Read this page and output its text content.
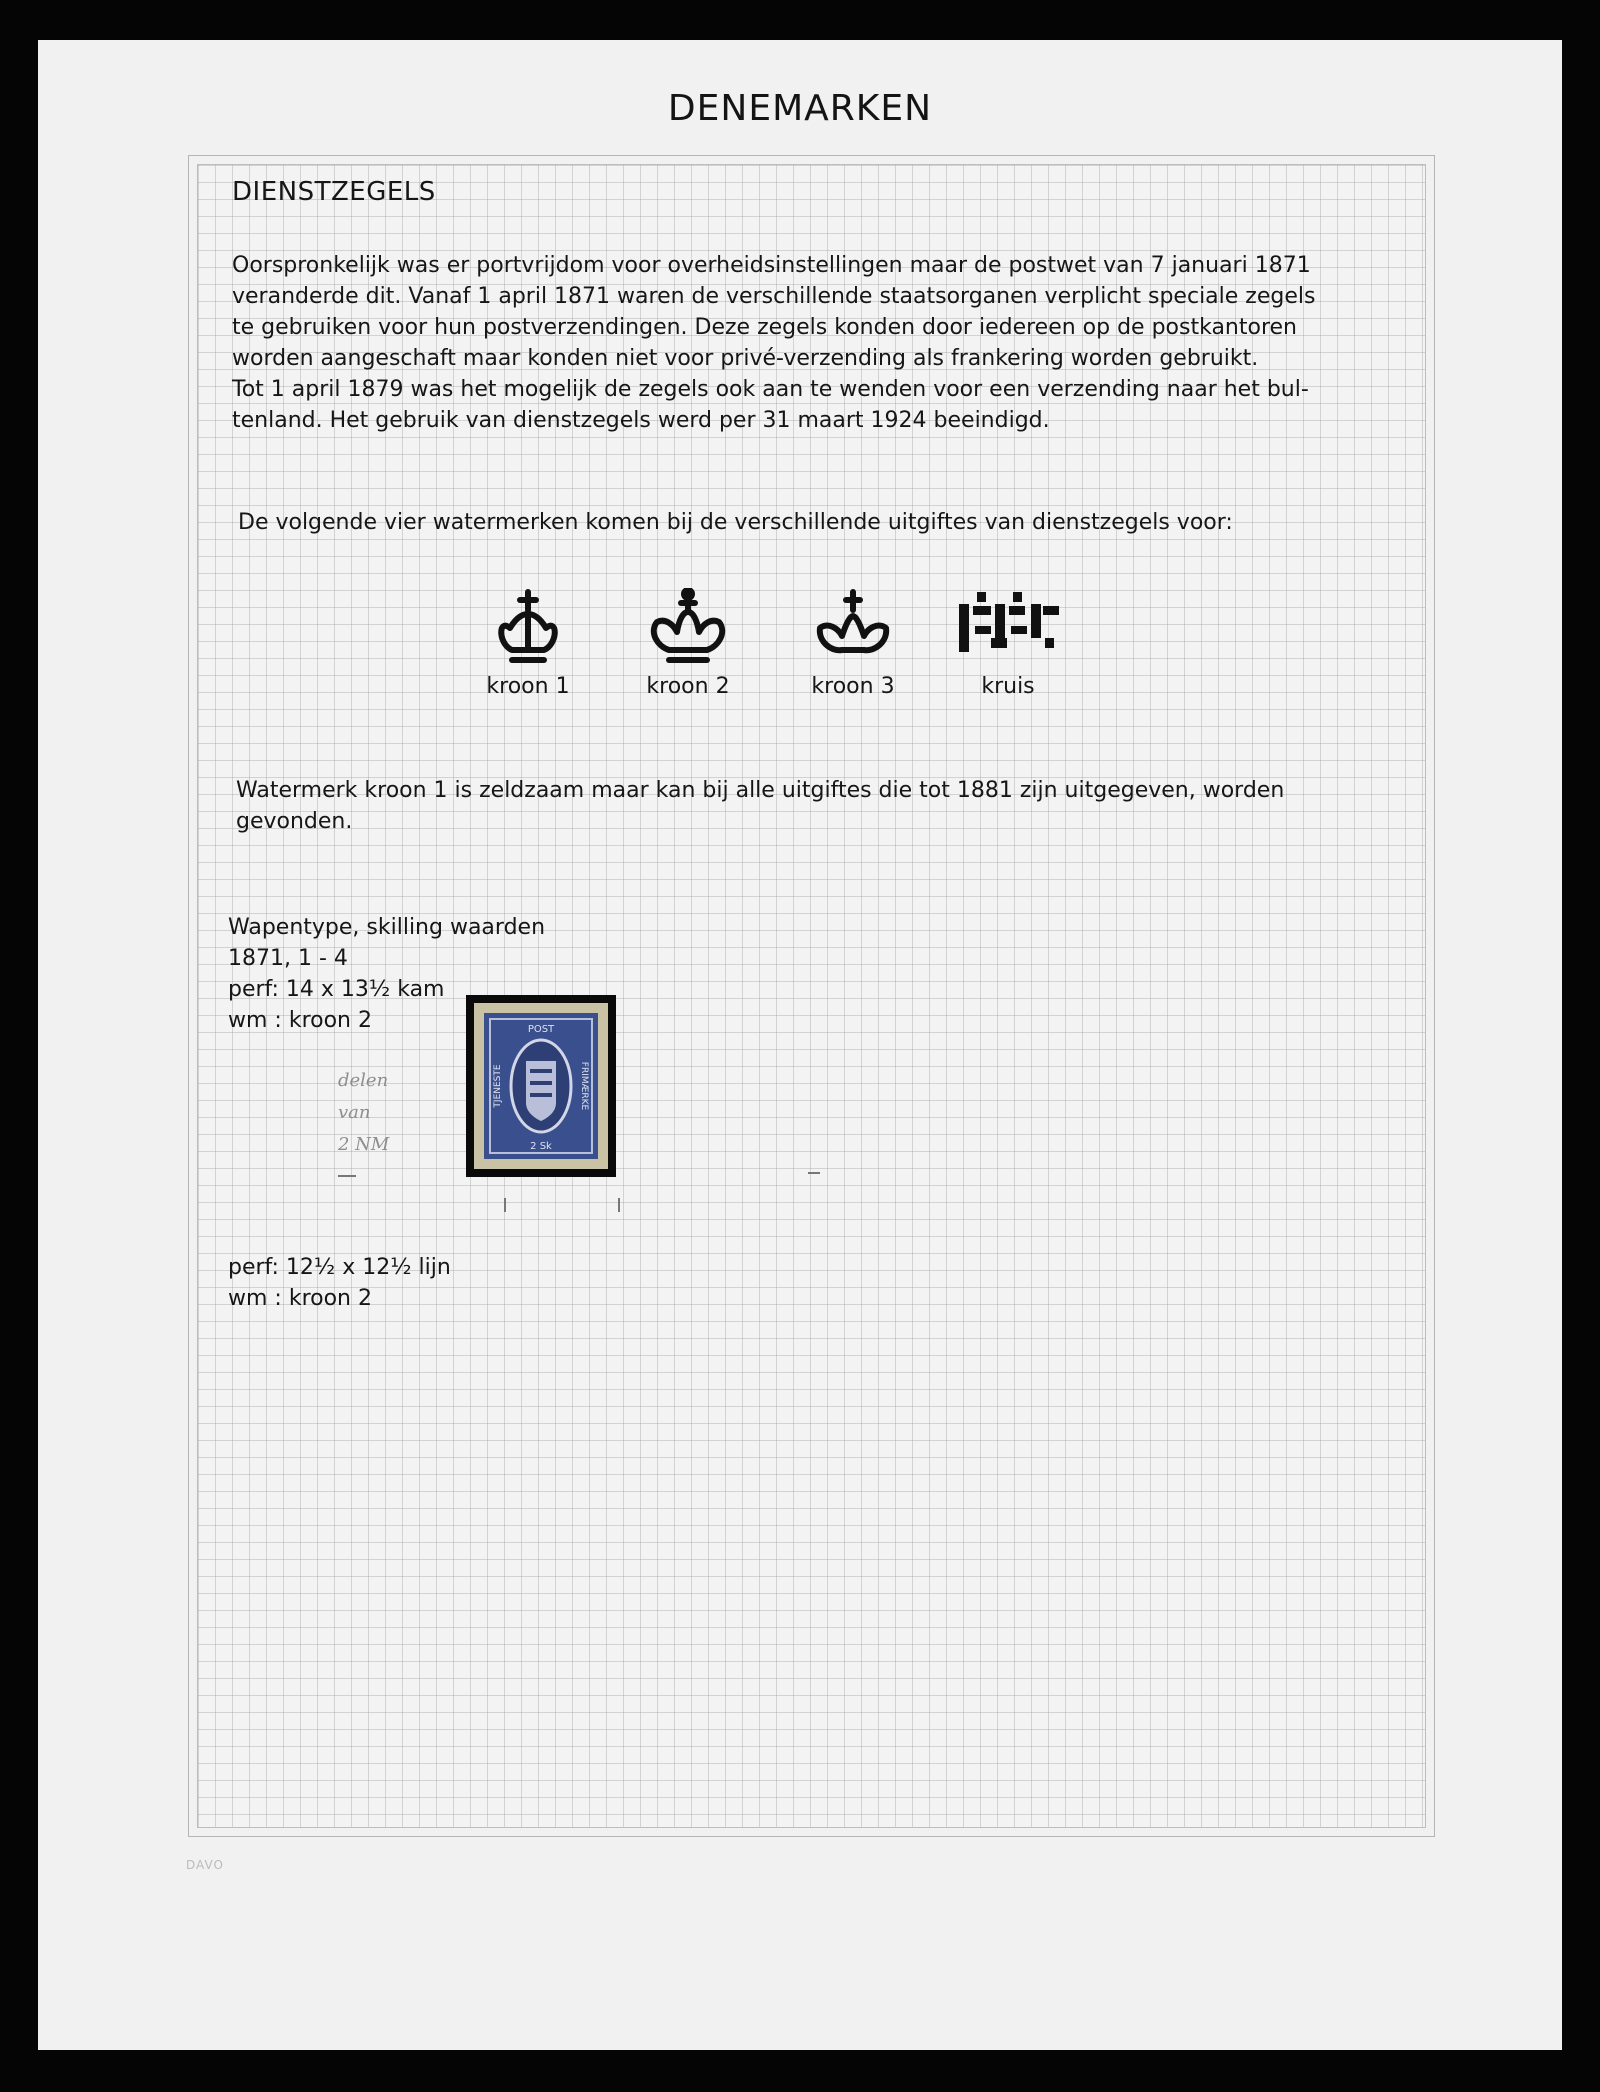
DENEMARKEN
DIENSTZEGELS
Oorspronkelijk was er portvrijdom voor overheidsinstellingen maar de postwet van 7 januari 1871
veranderde dit. Vanaf 1 april 1871 waren de verschillende staatsorganen verplicht speciale zegels
te gebruiken voor hun postverzendingen. Deze zegels konden door iedereen op de postkantoren
worden aangeschaft maar konden niet voor privé-verzending als frankering worden gebruikt.
Tot 1 april 1879 was het mogelijk de zegels ook aan te wenden voor een verzending naar het bul-
tenland. Het gebruik van dienstzegels werd per 31 maart 1924 beeindigd.
De volgende vier watermerken komen bij de verschillende uitgiftes van dienstzegels voor:
kroon 1	kroon 2	kroon 3	kruis
Watermerk kroon 1 is zeldzaam maar kan bij alle uitgiftes die tot 1881 zijn uitgegeven, worden
gevonden.
Wapentype, skilling waarden
1871, 1 - 4
perf: 14 x 13½ kam
wm : kroon 2
delen
van
2 NM
POST
TJENESTE	FRIMÆRKE
2 Sk
perf: 12½ x 12½ lijn
wm : kroon 2
DAVO
